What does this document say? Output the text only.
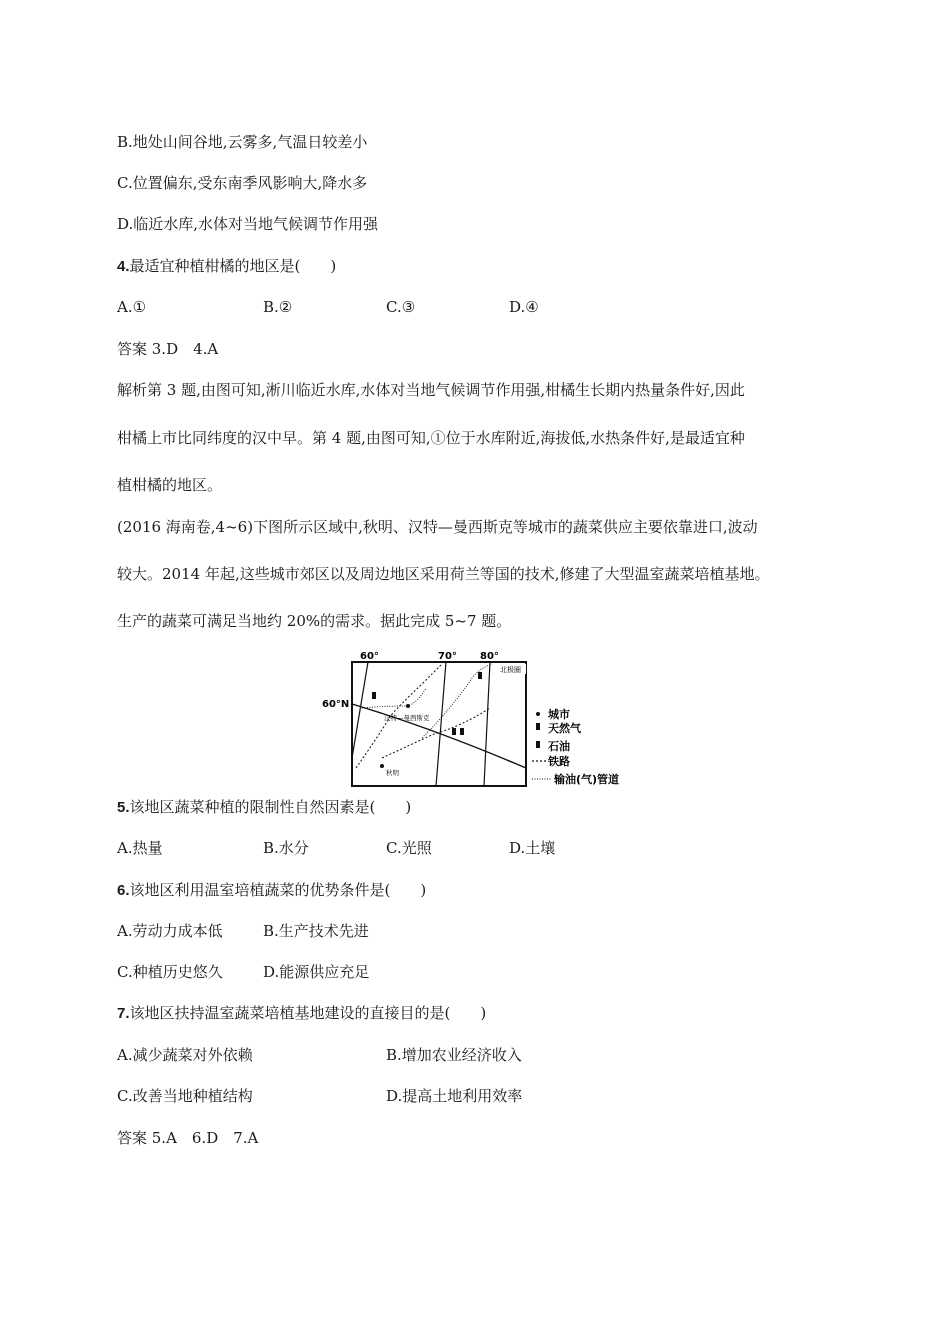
B.地处山间谷地,云雾多,气温日较差小
C.位置偏东,受东南季风影响大,降水多
D.临近水库,水体对当地气候调节作用强
4.最适宜种植柑橘的地区是(　　)
A.①	B.②	C.③	D.④
答案 3.D　4.A
解析第 3 题,由图可知,淅川临近水库,水体对当地气候调节作用强,柑橘生长期内热量条件好,因此
柑橘上市比同纬度的汉中早。第 4 题,由图可知,①位于水库附近,海拔低,水热条件好,是最适宜种
植柑橘的地区。
(2016 海南卷,4~6)下图所示区域中,秋明、汉特—曼西斯克等城市的蔬菜供应主要依靠进口,波动
较大。2014 年起,这些城市郊区以及周边地区采用荷兰等国的技术,修建了大型温室蔬菜培植基地。
生产的蔬菜可满足当地约 20%的需求。据此完成 5~7 题。
60°	70° 80°
60°N
北极圈
汉特—曼西斯克
秋明
城市
天然气
石油
铁路
输油(气)管道
5.该地区蔬菜种植的限制性自然因素是(　　)
A.热量	B.水分	C.光照	D.土壤
6.该地区利用温室培植蔬菜的优势条件是(　　)
A.劳动力成本低	B.生产技术先进
C.种植历史悠久	D.能源供应充足
7.该地区扶持温室蔬菜培植基地建设的直接目的是(　　)
A.减少蔬菜对外依赖	B.增加农业经济收入
C.改善当地种植结构	D.提高土地利用效率
答案 5.A　6.D　7.A
